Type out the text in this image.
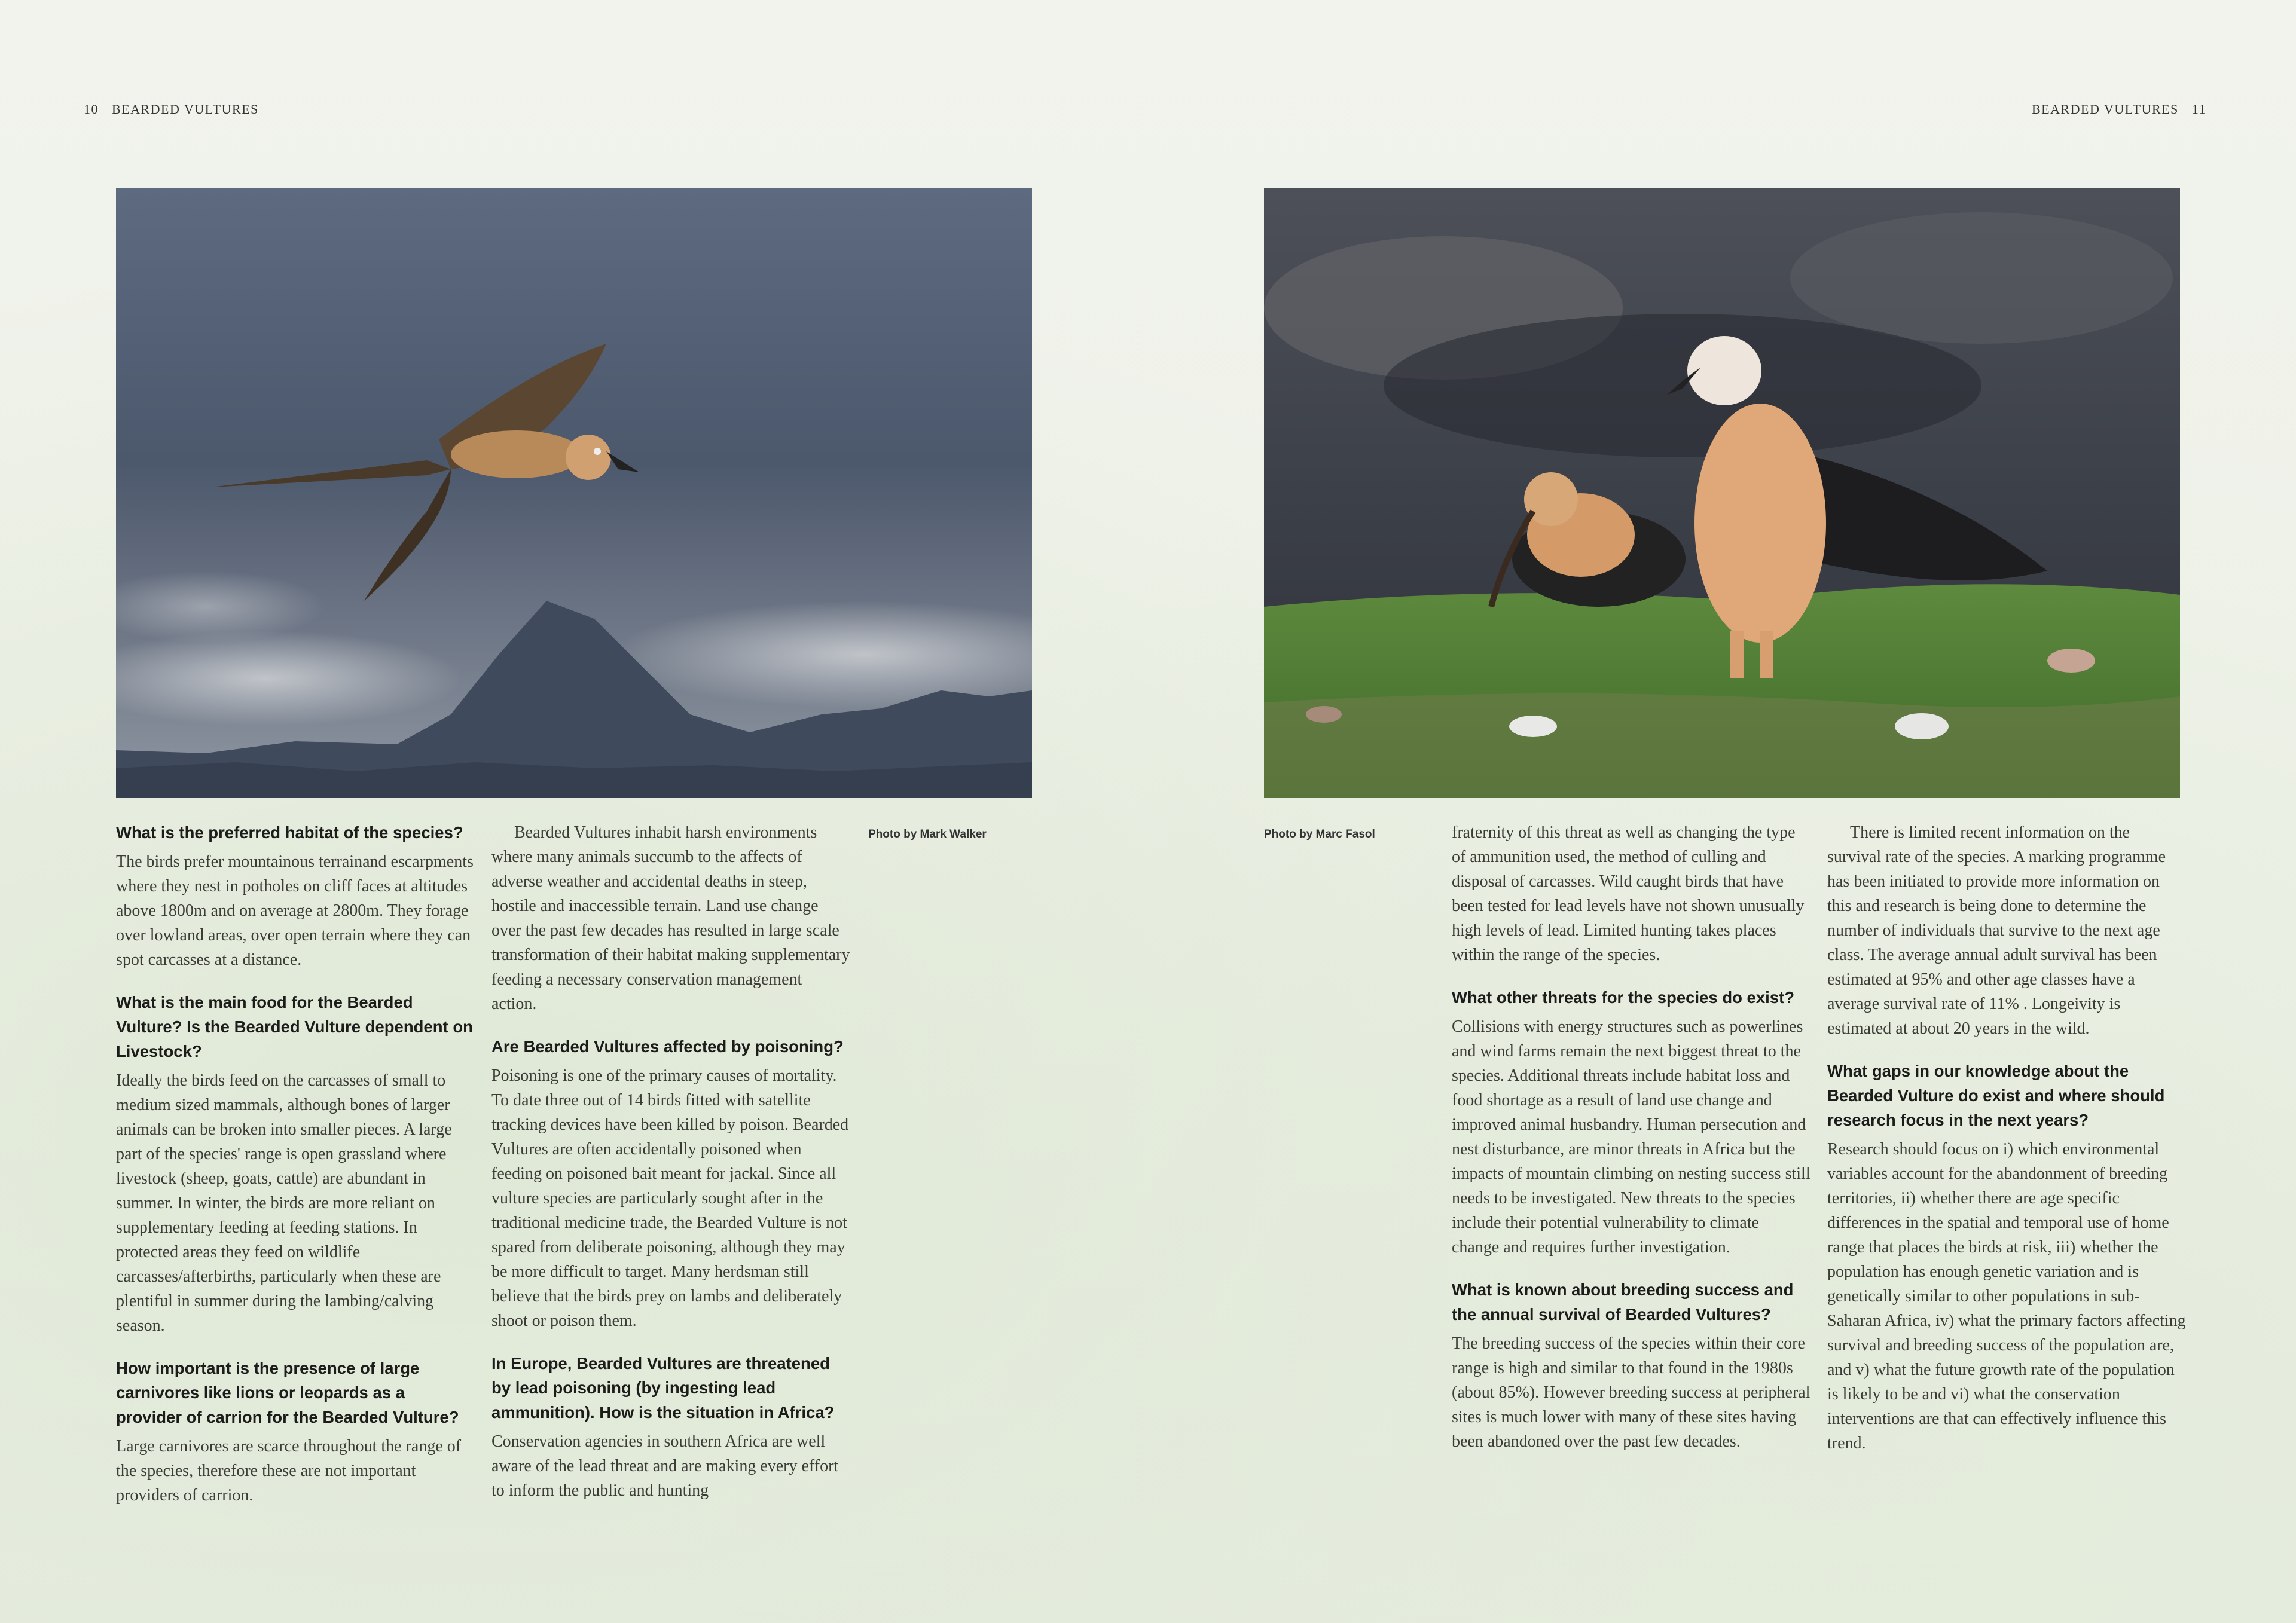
10 BEARDED VULTURES	BEARDED VULTURES 11
Photo by Mark Walker	Photo by Marc Fasol
What is the preferred habitat of the species?

The birds prefer mountainous terrainand escarpments where they nest in potholes on cliff faces at altitudes above 1800m and on average at 2800m. They forage over lowland areas, over open terrain where they can spot carcasses at a distance.

What is the main food for the Bearded Vulture? Is the Bearded Vulture dependent on Livestock?

Ideally the birds feed on the carcasses of small to medium sized mammals, although bones of larger animals can be broken into smaller pieces. A large part of the species' range is open grassland where livestock (sheep, goats, cattle) are abundant in summer. In winter, the birds are more reliant on supplementary feeding at feeding stations. In protected areas they feed on wildlife carcasses/afterbirths, particularly when these are plentiful in summer during the lambing/calving season.

How important is the presence of large carnivores like lions or leopards as a provider of carrion for the Bearded Vulture?

Large carnivores are scarce throughout the range of the species, therefore these are not important providers of carrion.

Bearded Vultures inhabit harsh environments where many animals succumb to the affects of adverse weather and accidental deaths in steep, hostile and inaccessible terrain. Land use change over the past few decades has resulted in large scale transformation of their habitat making supplementary feeding a necessary conservation management action.

Are Bearded Vultures affected by poisoning?

Poisoning is one of the primary causes of mortality. To date three out of 14 birds fitted with satellite tracking devices have been killed by poison. Bearded Vultures are often accidentally poisoned when feeding on poisoned bait meant for jackal. Since all vulture species are particularly sought after in the traditional medicine trade, the Bearded Vulture is not spared from deliberate poisoning, although they may be more difficult to target. Many herdsman still believe that the birds prey on lambs and deliberately shoot or poison them.

In Europe, Bearded Vultures are threatened by lead poisoning (by ingesting lead ammunition). How is the situation in Africa?

Conservation agencies in southern Africa are well aware of the lead threat and are making every effort to inform the public and hunting

fraternity of this threat as well as changing the type of ammunition used, the method of culling and disposal of carcasses. Wild caught birds that have been tested for lead levels have not shown unusually high levels of lead. Limited hunting takes places within the range of the species.

What other threats for the species do exist?

Collisions with energy structures such as powerlines and wind farms remain the next biggest threat to the species. Additional threats include habitat loss and food shortage as a result of land use change and improved animal husbandry. Human persecution and nest disturbance, are minor threats in Africa but the impacts of mountain climbing on nesting success still needs to be investigated. New threats to the species include their potential vulnerability to climate change and requires further investigation.

What is known about breeding success and the annual survival of Bearded Vultures?

The breeding success of the species within their core range is high and similar to that found in the 1980s (about 85%). However breeding success at peripheral sites is much lower with many of these sites having been abandoned over the past few decades.

There is limited recent information on the survival rate of the species. A marking programme has been initiated to provide more information on this and research is being done to determine the number of individuals that survive to the next age class. The average annual adult survival has been estimated at 95% and other age classes have a average survival rate of 11% . Longeivity is estimated at about 20 years in the wild.

What gaps in our knowledge about the Bearded Vulture do exist and where should research focus in the next years?

Research should focus on i) which environmental variables account for the abandonment of breeding territories, ii) whether there are age specific differences in the spatial and temporal use of home range that places the birds at risk, iii) whether the population has enough genetic variation and is genetically similar to other populations in sub-Saharan Africa, iv) what the primary factors affecting survival and breeding success of the population are, and v) what the future growth rate of the population is likely to be and vi) what the conservation interventions are that can effectively influence this trend.
